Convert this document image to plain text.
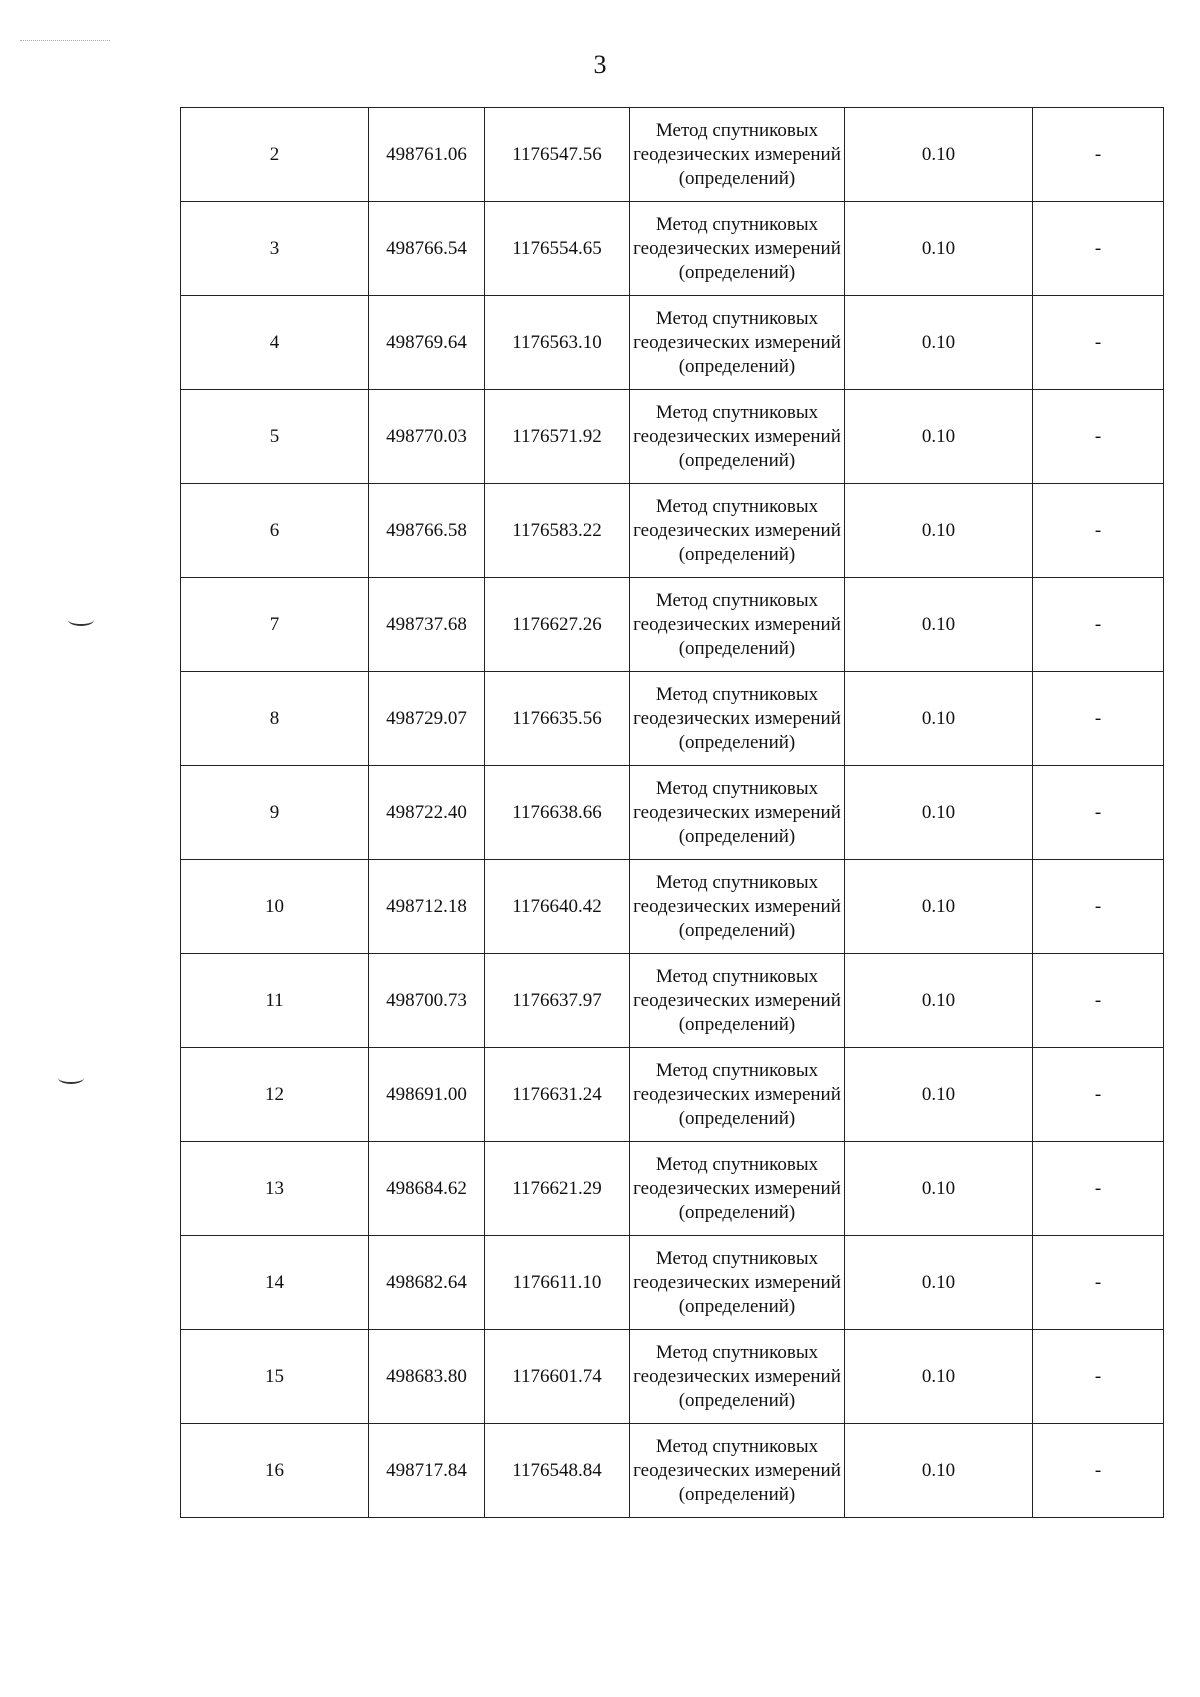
3
2	498761.06	1176547.56	Метод спутниковых геодезических измерений (определений)	0.10	-
3	498766.54	1176554.65	Метод спутниковых геодезических измерений (определений)	0.10	-
4	498769.64	1176563.10	Метод спутниковых геодезических измерений (определений)	0.10	-
5	498770.03	1176571.92	Метод спутниковых геодезических измерений (определений)	0.10	-
6	498766.58	1176583.22	Метод спутниковых геодезических измерений (определений)	0.10	-
7	498737.68	1176627.26	Метод спутниковых геодезических измерений (определений)	0.10	-
8	498729.07	1176635.56	Метод спутниковых геодезических измерений (определений)	0.10	-
9	498722.40	1176638.66	Метод спутниковых геодезических измерений (определений)	0.10	-
10	498712.18	1176640.42	Метод спутниковых геодезических измерений (определений)	0.10	-
11	498700.73	1176637.97	Метод спутниковых геодезических измерений (определений)	0.10	-
12	498691.00	1176631.24	Метод спутниковых геодезических измерений (определений)	0.10	-
13	498684.62	1176621.29	Метод спутниковых геодезических измерений (определений)	0.10	-
14	498682.64	1176611.10	Метод спутниковых геодезических измерений (определений)	0.10	-
15	498683.80	1176601.74	Метод спутниковых геодезических измерений (определений)	0.10	-
16	498717.84	1176548.84	Метод спутниковых геодезических измерений (определений)	0.10	-
